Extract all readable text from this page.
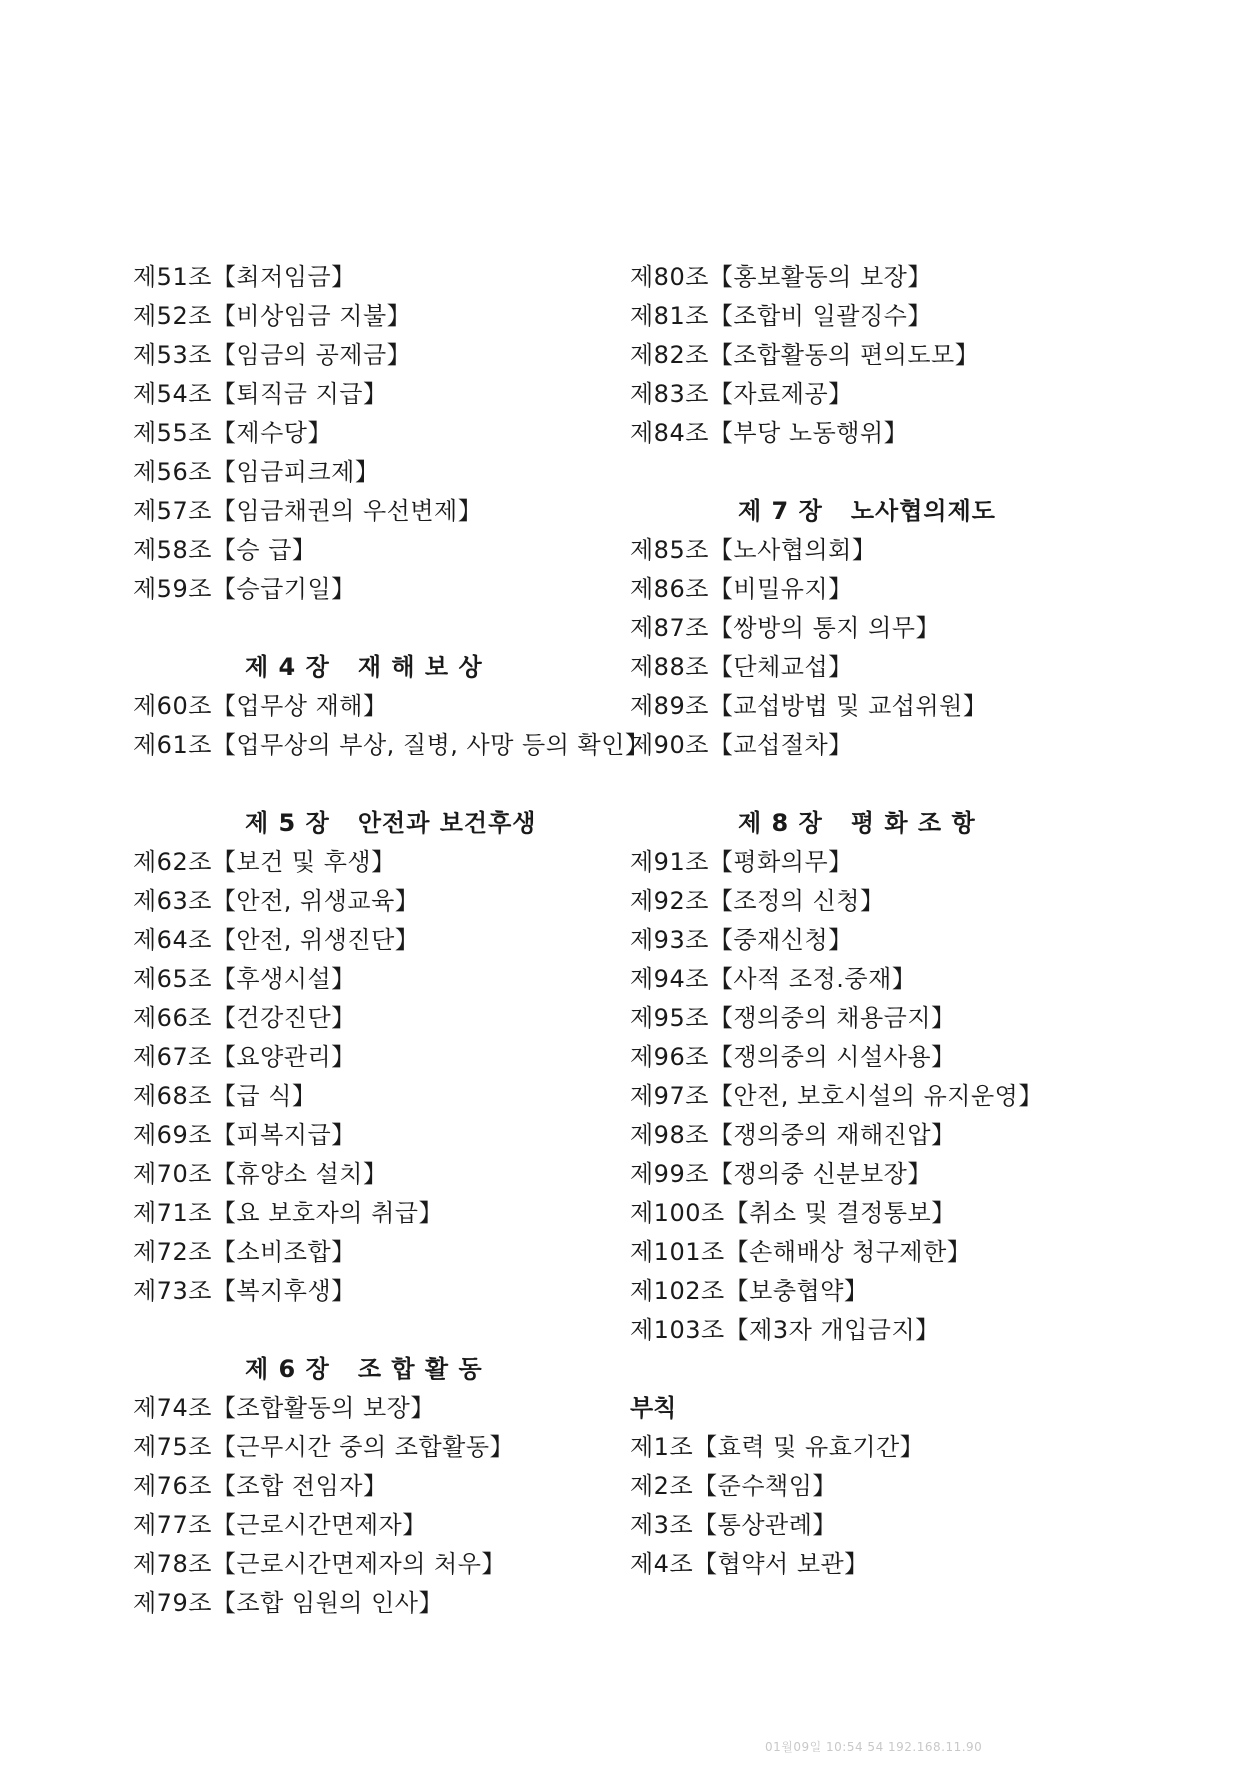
제51조【최저임금】
제52조【비상임금 지불】
제53조【임금의 공제금】
제54조【퇴직금 지급】
제55조【제수당】
제56조【임금피크제】
제57조【임금채권의 우선변제】
제58조【승 급】
제59조【승급기일】
제 4 장   재 해 보 상
제60조【업무상 재해】
제61조【업무상의 부상, 질병, 사망 등의 확인】
제 5 장   안전과 보건후생
제62조【보건 및 후생】
제63조【안전, 위생교육】
제64조【안전, 위생진단】
제65조【후생시설】
제66조【건강진단】
제67조【요양관리】
제68조【급 식】
제69조【피복지급】
제70조【휴양소 설치】
제71조【요 보호자의 취급】
제72조【소비조합】
제73조【복지후생】
제 6 장   조 합 활 동
제74조【조합활동의 보장】
제75조【근무시간 중의 조합활동】
제76조【조합 전임자】
제77조【근로시간면제자】
제78조【근로시간면제자의 처우】
제79조【조합 임원의 인사】
제80조【홍보활동의 보장】
제81조【조합비 일괄징수】
제82조【조합활동의 편의도모】
제83조【자료제공】
제84조【부당 노동행위】
제 7 장   노사협의제도
제85조【노사협의회】
제86조【비밀유지】
제87조【쌍방의 통지 의무】
제88조【단체교섭】
제89조【교섭방법 및 교섭위원】
제90조【교섭절차】
제 8 장   평 화 조 항
제91조【평화의무】
제92조【조정의 신청】
제93조【중재신청】
제94조【사적 조정.중재】
제95조【쟁의중의 채용금지】
제96조【쟁의중의 시설사용】
제97조【안전, 보호시설의 유지운영】
제98조【쟁의중의 재해진압】
제99조【쟁의중 신분보장】
제100조【취소 및 결정통보】
제101조【손해배상 청구제한】
제102조【보충협약】
제103조【제3자 개입금지】
부칙
제1조【효력 및 유효기간】
제2조【준수책임】
제3조【통상관례】
제4조【협약서 보관】
01월09일 10:54 54 192.168.11.90
